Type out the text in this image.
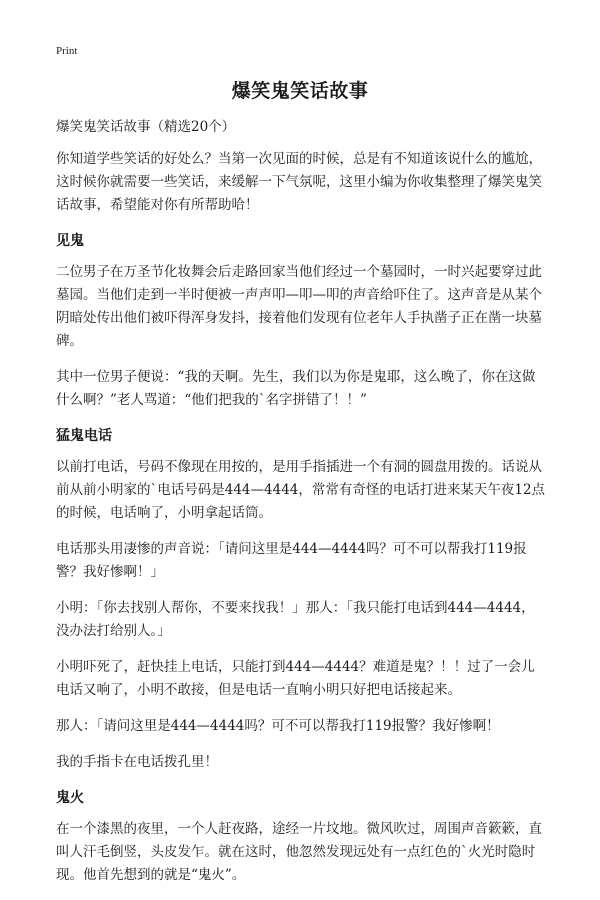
Print
爆笑鬼笑话故事

爆笑鬼笑话故事（精选20个）

你知道学些笑话的好处么？当第一次见面的时候，总是有不知道该说什么的尴尬，这时候你就需要一些笑话，来缓解一下气氛呢，这里小编为你收集整理了爆笑鬼笑话故事，希望能对你有所帮助哈！

见鬼

二位男子在万圣节化妆舞会后走路回家当他们经过一个墓园时，一时兴起要穿过此墓园。当他们走到一半时便被一声声叩—叩—叩的声音给吓住了。这声音是从某个阴暗处传出他们被吓得浑身发抖，接着他们发现有位老年人手执凿子正在凿一块墓碑。

其中一位男子便说：“我的天啊。先生，我们以为你是鬼耶，这么晚了，你在这做什么啊？”老人骂道：“他们把我的`名字拼错了！！”

猛鬼电话

以前打电话，号码不像现在用按的，是用手指插进一个有洞的圆盘用拨的。话说从前从前小明家的`电话号码是444—4444，常常有奇怪的电话打进来某天午夜12点的时候，电话响了，小明拿起话筒。

电话那头用凄惨的声音说：「请问这里是444—4444吗？可不可以帮我打119报警？我好惨啊！」

小明：「你去找别人帮你，不要来找我！」那人：「我只能打电话到444—4444，没办法打给别人。」

小明吓死了，赶快挂上电话，只能打到444—4444？难道是鬼？！！过了一会儿电话又响了，小明不敢接，但是电话一直响小明只好把电话接起来。

那人：「请问这里是444—4444吗？可不可以帮我打119报警？我好惨啊！

我的手指卡在电话拨孔里！

鬼火

在一个漆黑的夜里，一个人赶夜路，途经一片坟地。微风吹过，周围声音簌簌，直叫人汗毛倒竖，头皮发乍。就在这时，他忽然发现远处有一点红色的`火光时隐时现。他首先想到的就是“鬼火”。
